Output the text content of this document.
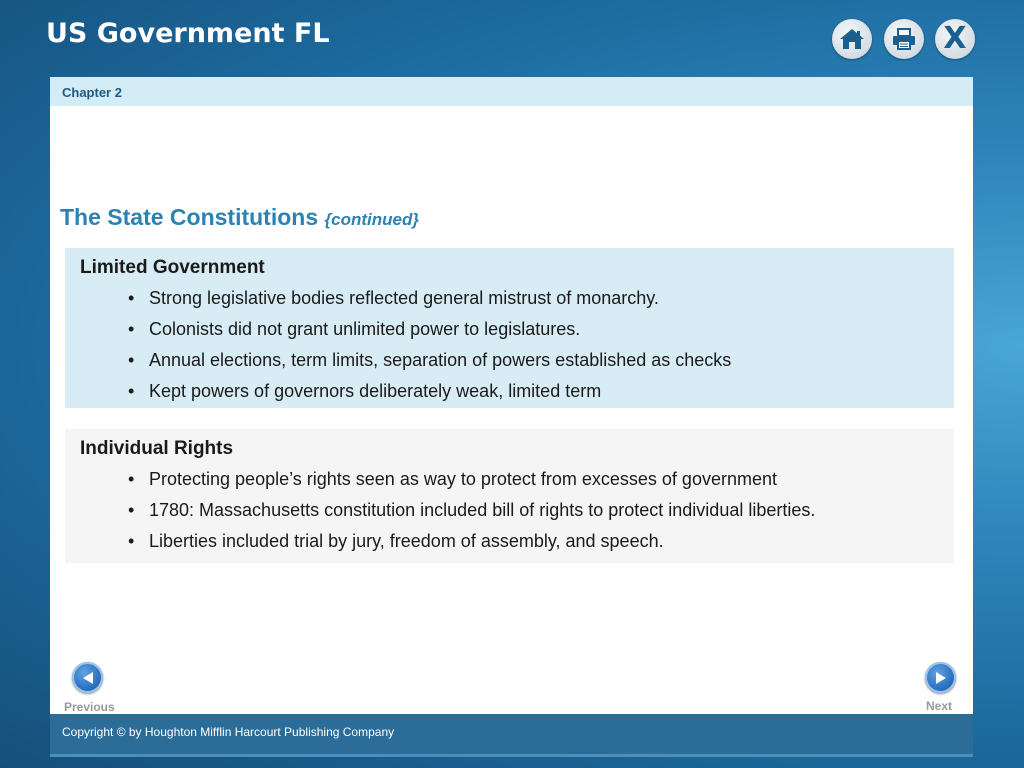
US Government FL	X
Chapter 2
The State Constitutions {continued}
Limited Government
• Strong legislative bodies reflected general mistrust of monarchy.
• Colonists did not grant unlimited power to legislatures.
• Annual elections, term limits, separation of powers established as checks
• Kept powers of governors deliberately weak, limited term
Individual Rights
• Protecting people’s rights seen as way to protect from excesses of government
• 1780: Massachusetts constitution included bill of rights to protect individual liberties.
• Liberties included trial by jury, freedom of assembly, and speech.
Previous	Next
Copyright © by Houghton Mifflin Harcourt Publishing Company
